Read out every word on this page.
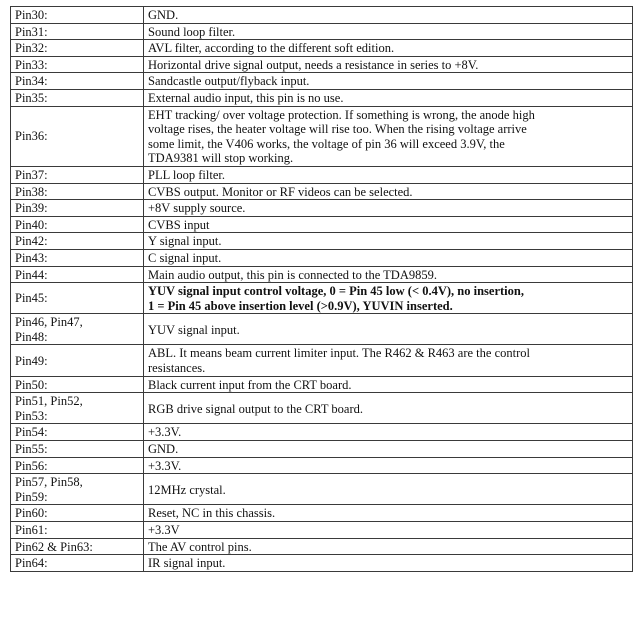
Pin30:	GND.
Pin31:	Sound loop filter.
Pin32:	AVL filter, according to the different soft edition.
Pin33:	Horizontal drive signal output, needs a resistance in series to +8V.
Pin34:	Sandcastle output/flyback input.
Pin35:	External audio input, this pin is no use.
Pin36:	EHT tracking/ over voltage protection. If something is wrong, the anode high
voltage rises, the heater voltage will rise too. When the rising voltage arrive
some limit, the V406 works, the voltage of pin 36 will exceed 3.9V, the
TDA9381 will stop working.
Pin37:	PLL loop filter.
Pin38:	CVBS output. Monitor or RF videos can be selected.
Pin39:	+8V supply source.
Pin40:	CVBS input
Pin42:	Y signal input.
Pin43:	C signal input.
Pin44:	Main audio output, this pin is connected to the TDA9859.
Pin45:	YUV signal input control voltage, 0 = Pin 45 low (< 0.4V), no insertion,
1 = Pin 45 above insertion level (>0.9V), YUVIN inserted.
Pin46, Pin47,
Pin48:	YUV signal input.
Pin49:	ABL. It means beam current limiter input. The R462 & R463 are the control
resistances.
Pin50:	Black current input from the CRT board.
Pin51, Pin52,
Pin53:	RGB drive signal output to the CRT board.
Pin54:	+3.3V.
Pin55:	GND.
Pin56:	+3.3V.
Pin57, Pin58,
Pin59:	12MHz crystal.
Pin60:	Reset, NC in this chassis.
Pin61:	+3.3V
Pin62 & Pin63:	The AV control pins.
Pin64:	IR signal input.
